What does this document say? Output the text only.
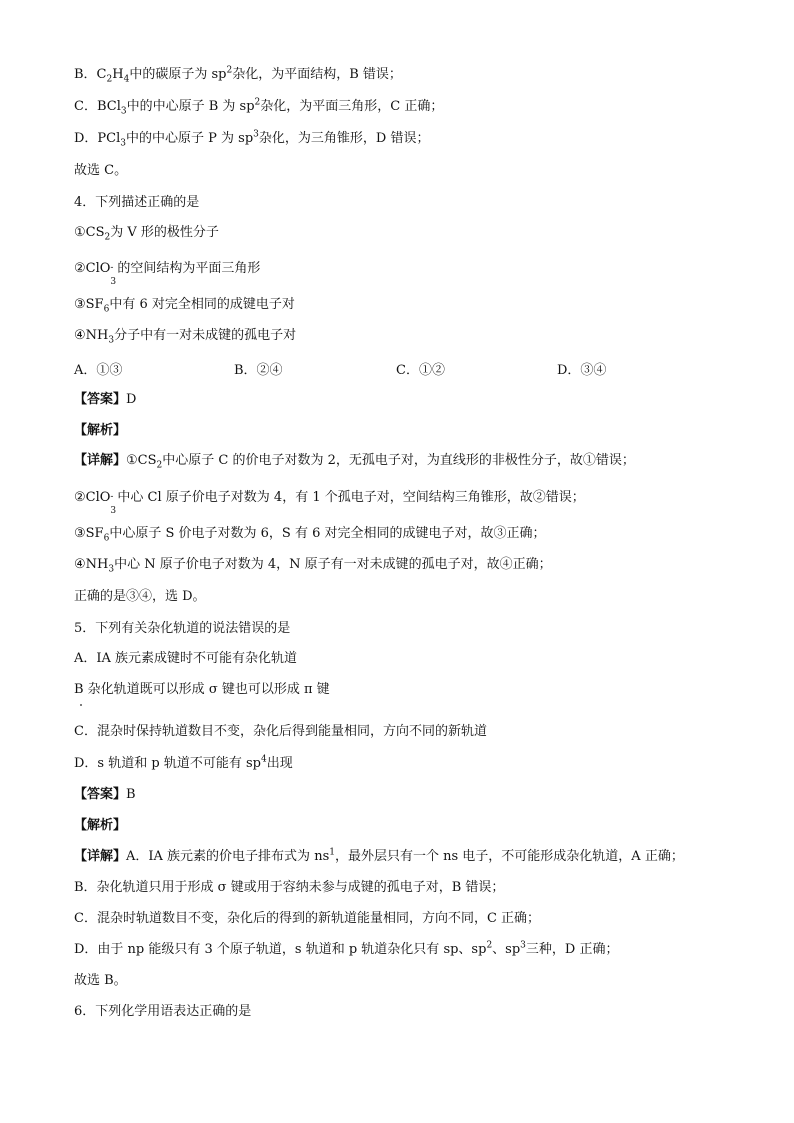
B．$C_2H_4$中的碳原子为 $sp^2$杂化，为平面结构，B 错误；
C．BCl$_3$中的中心原子 B 为 $sp^2$杂化，为平面三角形，C 正确；
D．PCl$_3$中的中心原子 P 为 $sp^3$杂化，为三角锥形，D 错误；
故选 C。
4．下列描述正确的是
$①CS_2$为 V 形的极性分子
②ClO -
3
的空间结构为平面三角形
$③SF_6$中有 6 对完全相同的成键电子对
$④NH_3$分子中有一对未成键的孤电子对
A．①③	B．②④	C．①②	D．③④
【答案】D
【解析】
【详解】$①CS_2$中心原子 C 的价电子对数为 2，无孤电子对，为直线形的非极性分子，故①错误；
②ClO -
3
中心 Cl 原子价电子对数为 4，有 1 个孤电子对，空间结构三角锥形，故②错误；
$③SF_6$中心原子 S 价电子对数为 6，S 有 6 对完全相同的成键电子对，故③正确；
$④NH_3$中心 N 原子价电子对数为 4，N 原子有一对未成键的孤电子对，故④正确；
正确的是③④，选 D。
5．下列有关杂化轨道的说法错误的是
A．IA 族元素成键时不可能有杂化轨道
B 杂化轨道既可以形成 σ 键也可以形成 π 键
C．混杂时保持轨道数目不变，杂化后得到能量相同，方向不同的新轨道
D．s 轨道和 p 轨道不可能有 $sp^4$出现
【答案】B
【解析】
【详解】A．IA 族元素的价电子排布式为 $ns^1$，最外层只有一个 ns 电子，不可能形成杂化轨道，A 正确；
B．杂化轨道只用于形成 σ 键或用于容纳未参与成键的孤电子对，B 错误；
C．混杂时轨道数目不变，杂化后的得到的新轨道能量相同，方向不同，C 正确；
D．由于 np 能级只有 3 个原子轨道，s 轨道和 p 轨道杂化只有 sp、$sp^2$、$sp^3$三种，D 正确；
故选 B。
6．下列化学用语表达正确的是
